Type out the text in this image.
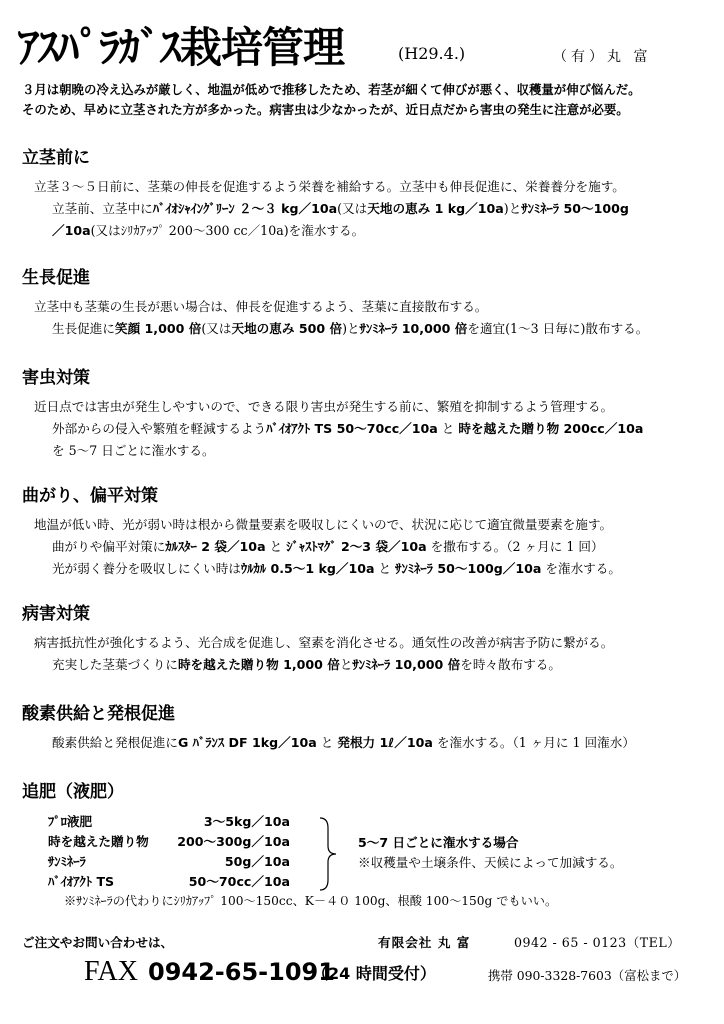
ｱｽﾊﾟﾗｶﾞｽ栽培管理	(H29.4.)	（有）丸 富

３月は朝晩の冷え込みが厳しく、地温が低めで推移したため、若茎が細くて伸びが悪く、収穫量が伸び悩んだ。

そのため、早めに立茎された方が多かった。病害虫は少なかったが、近日点だから害虫の発生に注意が必要。

立茎前に

立茎３〜５日前に、茎葉の伸長を促進するよう栄養を補給する。立茎中も伸長促進に、栄養養分を施す。

立茎前、立茎中にﾊﾞｲｵｼｬｲﾝｸﾞﾘｰﾝ ２〜３ kg／10a(又は天地の恵み 1 kg／10a)とｻﾝﾐﾈｰﾗ 50〜100g

／10a(又はｼﾘｶｱｯﾌﾟ 200〜300 cc／10a)を潅水する。

生長促進

立茎中も茎葉の生長が悪い場合は、伸長を促進するよう、茎葉に直接散布する。

生長促進に笑顔 1,000 倍(又は天地の恵み 500 倍)とｻﾝﾐﾈｰﾗ 10,000 倍を適宜(1〜3 日毎に)散布する。

害虫対策

近日点では害虫が発生しやすいので、できる限り害虫が発生する前に、繁殖を抑制するよう管理する。

外部からの侵入や繁殖を軽減するようﾊﾞｲｵｱｸﾄ TS 50〜70cc／10a と 時を越えた贈り物 200cc／10a

を 5〜7 日ごとに潅水する。

曲がり、偏平対策

地温が低い時、光が弱い時は根から微量要素を吸収しにくいので、状況に応じて適宜微量要素を施す。

曲がりや偏平対策にｶﾙｽﾀｰ 2 袋／10a と ｼﾞｬｽﾄﾏｸﾞ 2〜3 袋／10a を撒布する。（2 ヶ月に 1 回）

光が弱く養分を吸収しにくい時はｳﾙｶﾙ 0.5〜1 kg／10a と ｻﾝﾐﾈｰﾗ 50〜100g／10a を潅水する。

病害対策

病害抵抗性が強化するよう、光合成を促進し、窒素を消化させる。通気性の改善が病害予防に繋がる。

充実した茎葉づくりに時を越えた贈り物 1,000 倍とｻﾝﾐﾈｰﾗ 10,000 倍を時々散布する。

酸素供給と発根促進

酸素供給と発根促進にG ﾊﾞﾗﾝｽ DF 1kg／10a と 発根力 1ℓ／10a を潅水する。（1 ヶ月に 1 回潅水）

追肥（液肥）
ﾌﾟﾛ液肥	3〜5kg／10a
時を越えた贈り物 200〜300g／10a
ｻﾝﾐﾈｰﾗ	50g／10a
ﾊﾞｲｵｱｸﾄ TS	50〜70cc／10a
5〜7 日ごとに潅水する場合
※収穫量や土壌条件、天候によって加減する。
※ｻﾝﾐﾈｰﾗの代わりにｼﾘｶｱｯﾌﾟ 100〜150cc、K－４０ 100g、根酸 100〜150g でもいい。
ご注文やお問い合わせは、	有限会社 丸 富	0942 - 65 - 0123（TEL）
FAX 0942-65-1091
（24 時間受付）	携帯 090-3328-7603（富松まで）
